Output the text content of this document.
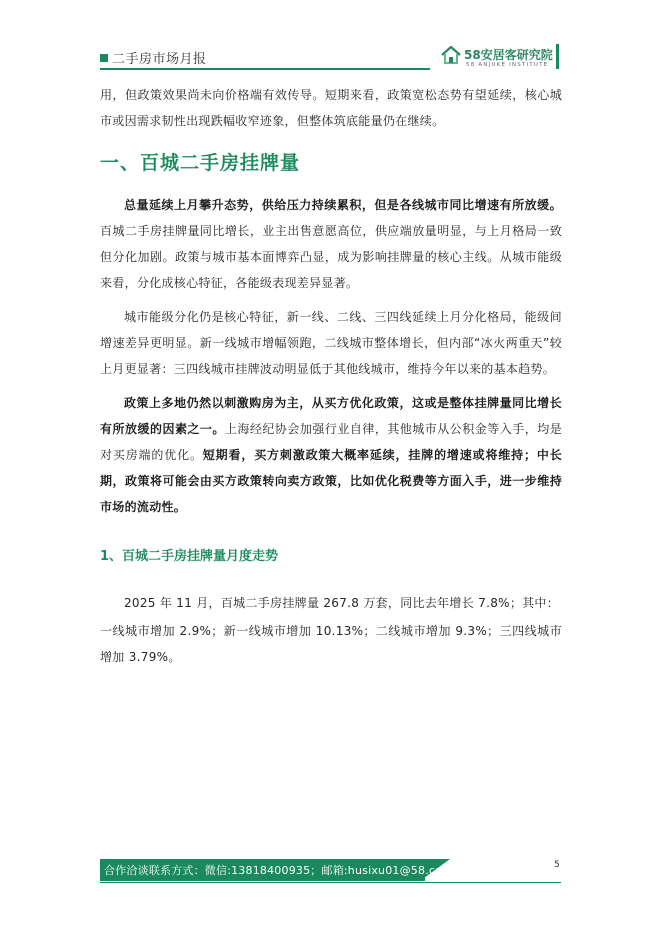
二手房市场月报	58安居客研究院
58 ANJUKE INSTITUTE

用，但政策效果尚未向价格端有效传导。短期来看，政策宽松态势有望延续，核心城市或因需求韧性出现跌幅收窄迹象，但整体筑底能量仍在继续。

一、百城二手房挂牌量

总量延续上月攀升态势，供给压力持续累积，但是各线城市同比增速有所放缓。百城二手房挂牌量同比增长，业主出售意愿高位，供应端放量明显，与上月格局一致但分化加剧。政策与城市基本面博弈凸显，成为影响挂牌量的核心主线。从城市能级来看，分化成核心特征，各能级表现差异显著。

城市能级分化仍是核心特征，新一线、二线、三四线延续上月分化格局，能级间增速差异更明显。新一线城市增幅领跑，二线城市整体增长，但内部“冰火两重天”较上月更显著：三四线城市挂牌波动明显低于其他线城市，维持今年以来的基本趋势。

政策上多地仍然以刺激购房为主，从买方优化政策，这或是整体挂牌量同比增长有所放缓的因素之一。上海经纪协会加强行业自律，其他城市从公积金等入手，均是对买房端的优化。短期看，买方刺激政策大概率延续，挂牌的增速或将维持；中长期，政策将可能会由买方政策转向卖方政策，比如优化税费等方面入手，进一步维持市场的流动性。

1、百城二手房挂牌量月度走势

2025 年 11 月，百城二手房挂牌量 267.8 万套，同比去年增长 7.8%；其中：

一线城市增加 2.9%；新一线城市增加 10.13%；二线城市增加 9.3%；三四线城市增加 3.79%。

合作洽谈联系方式：微信:13818400935；邮箱:husixu01@58.com；	5
